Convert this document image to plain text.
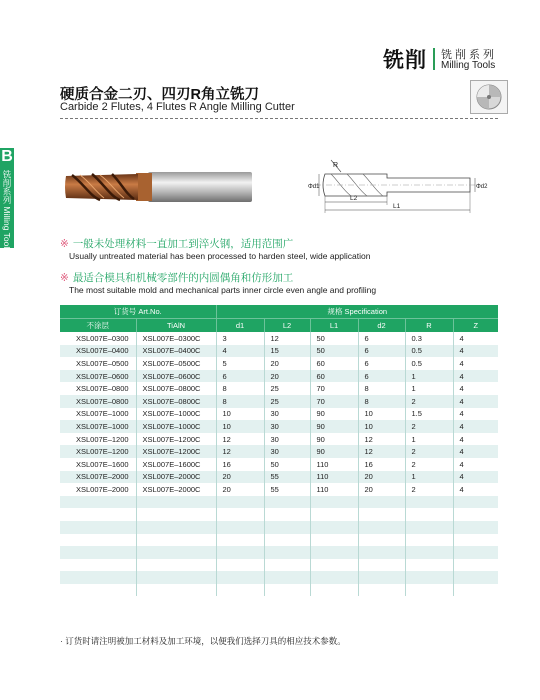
铣削 铣削系列
Milling Tools
硬质合金二刃、四刃R角立铣刀
Carbide 2 Flutes, 4 Flutes R Angle Milling Cutter
B
铣削系列 Milling Tools
R
Φd1	Φd2
L2
L1
※ 一般未处理材料一直加工到淬火钢，适用范围广
Usually untreated material has been processed to harden steel, wide application
※ 最适合模具和机械零部件的内圆偶角和仿形加工
The most suitable mold and mechanical parts inner circle even angle and profiling
订货号 Art.No.		规格 Specification					
不涂层	TiAlN	d1	L2	L1	d2	R	Z
XSL007E–0300	XSL007E–0300C	3	12	50	6	0.3	4
XSL007E–0400	XSL007E–0400C	4	15	50	6	0.5	4
XSL007E–0500	XSL007E–0500C	5	20	60	6	0.5	4
XSL007E–0600	XSL007E–0600C	6	20	60	6	1	4
XSL007E–0800	XSL007E–0800C	8	25	70	8	1	4
XSL007E–0800	XSL007E–0800C	8	25	70	8	2	4
XSL007E–1000	XSL007E–1000C	10	30	90	10	1.5	4
XSL007E–1000	XSL007E–1000C	10	30	90	10	2	4
XSL007E–1200	XSL007E–1200C	12	30	90	12	1	4
XSL007E–1200	XSL007E–1200C	12	30	90	12	2	4
XSL007E–1600	XSL007E–1600C	16	50	110	16	2	4
XSL007E–2000	XSL007E–2000C	20	55	110	20	1	4
XSL007E–2000	XSL007E–2000C	20	55	110	20	2	4

· 订货时请注明被加工材料及加工环境，以便我们选择刀具的相应技术参数。
